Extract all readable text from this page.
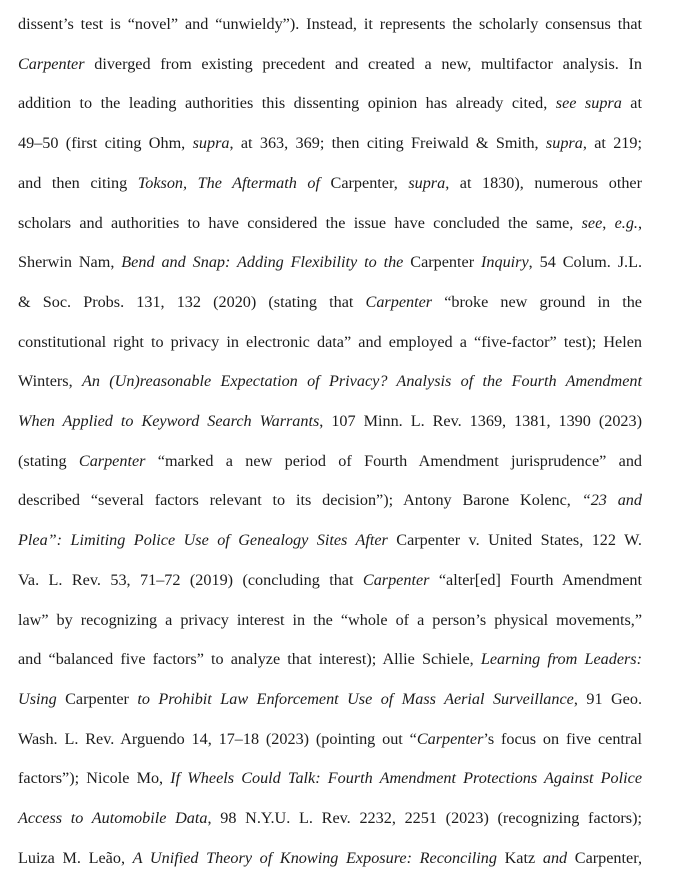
dissent’s test is “novel” and “unwieldy”). Instead, it represents the scholarly consensus that
Carpenter diverged from existing precedent and created a new, multifactor analysis. In
addition to the leading authorities this dissenting opinion has already cited, see supra at
49–50 (first citing Ohm, supra, at 363, 369; then citing Freiwald & Smith, supra, at 219;
and then citing Tokson, The Aftermath of Carpenter, supra, at 1830), numerous other
scholars and authorities to have considered the issue have concluded the same, see, e.g.,
Sherwin Nam, Bend and Snap: Adding Flexibility to the Carpenter Inquiry, 54 Colum. J.L.
& Soc. Probs. 131, 132 (2020) (stating that Carpenter “broke new ground in the
constitutional right to privacy in electronic data” and employed a “five-factor” test); Helen
Winters, An (Un)reasonable Expectation of Privacy? Analysis of the Fourth Amendment
When Applied to Keyword Search Warrants, 107 Minn. L. Rev. 1369, 1381, 1390 (2023)
(stating Carpenter “marked a new period of Fourth Amendment jurisprudence” and
described “several factors relevant to its decision”); Antony Barone Kolenc, “23 and
Plea”: Limiting Police Use of Genealogy Sites After Carpenter v. United States, 122 W.
Va. L. Rev. 53, 71–72 (2019) (concluding that Carpenter “alter[ed] Fourth Amendment
law” by recognizing a privacy interest in the “whole of a person’s physical movements,”
and “balanced five factors” to analyze that interest); Allie Schiele, Learning from Leaders:
Using Carpenter to Prohibit Law Enforcement Use of Mass Aerial Surveillance, 91 Geo.
Wash. L. Rev. Arguendo 14, 17–18 (2023) (pointing out “Carpenter’s focus on five central
factors”); Nicole Mo, If Wheels Could Talk: Fourth Amendment Protections Against Police
Access to Automobile Data, 98 N.Y.U. L. Rev. 2232, 2251 (2023) (recognizing factors);
Luiza M. Leão, A Unified Theory of Knowing Exposure: Reconciling Katz and Carpenter,
